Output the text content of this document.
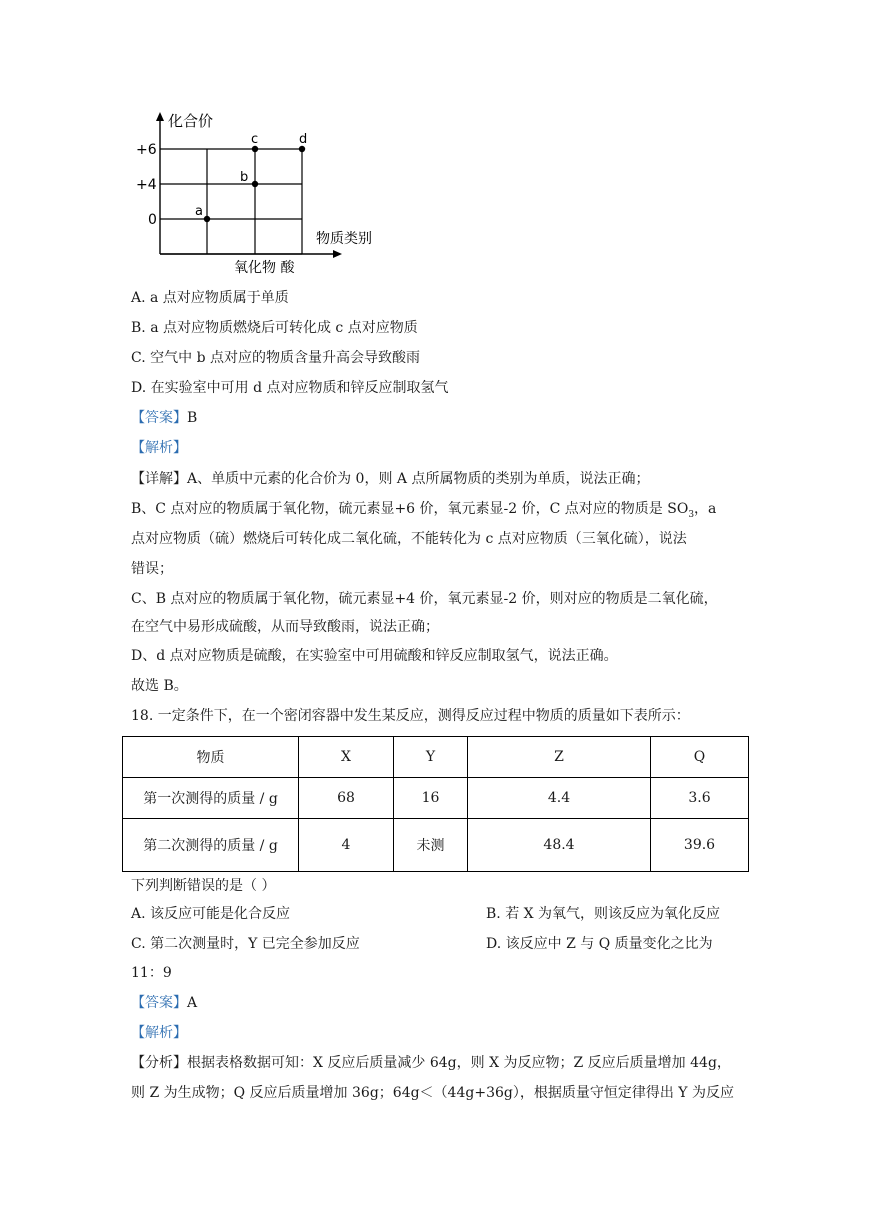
化合价
物质类别
氧化物 酸
+6
+4
0
a
b
c	d
A. a 点对应物质属于单质
B. a 点对应物质燃烧后可转化成 c 点对应物质
C. 空气中 b 点对应的物质含量升高会导致酸雨
D. 在实验室中可用 d 点对应物质和锌反应制取氢气
【答案】B
【解析】
【详解】A、单质中元素的化合价为 0，则 A 点所属物质的类别为单质，说法正确；
B、C 点对应的物质属于氧化物，硫元素显+6 价，氧元素显-2 价，C 点对应的物质是 $SO_3$，a
点对应物质（硫）燃烧后可转化成二氧化硫，不能转化为 c 点对应物质（三氧化硫），说法
错误；
C、B 点对应的物质属于氧化物，硫元素显+4 价，氧元素显-2 价，则对应的物质是二氧化硫，
在空气中易形成硫酸，从而导致酸雨，说法正确；
D、d 点对应物质是硫酸，在实验室中可用硫酸和锌反应制取氢气，说法正确。
故选 B。
18. 一定条件下，在一个密闭容器中发生某反应，测得反应过程中物质的质量如下表所示：
物质	X	Y	Z	Q
第一次测得的质量 / g	68	16	4.4	3.6
第二次测得的质量 / g	4	未测	48.4	39.6
下列判断错误的是（ ）
A. 该反应可能是化合反应	B. 若 X 为氧气，则该反应为氧化反应
C. 第二次测量时，Y 已完全参加反应	D. 该反应中 Z 与 Q 质量变化之比为
11：9
【答案】A
【解析】
【分析】根据表格数据可知：X 反应后质量减少 64g，则 X 为反应物；Z 反应后质量增加 44g，
则 Z 为生成物；Q 反应后质量增加 36g；64g＜（44g+36g），根据质量守恒定律得出 Y 为反应
